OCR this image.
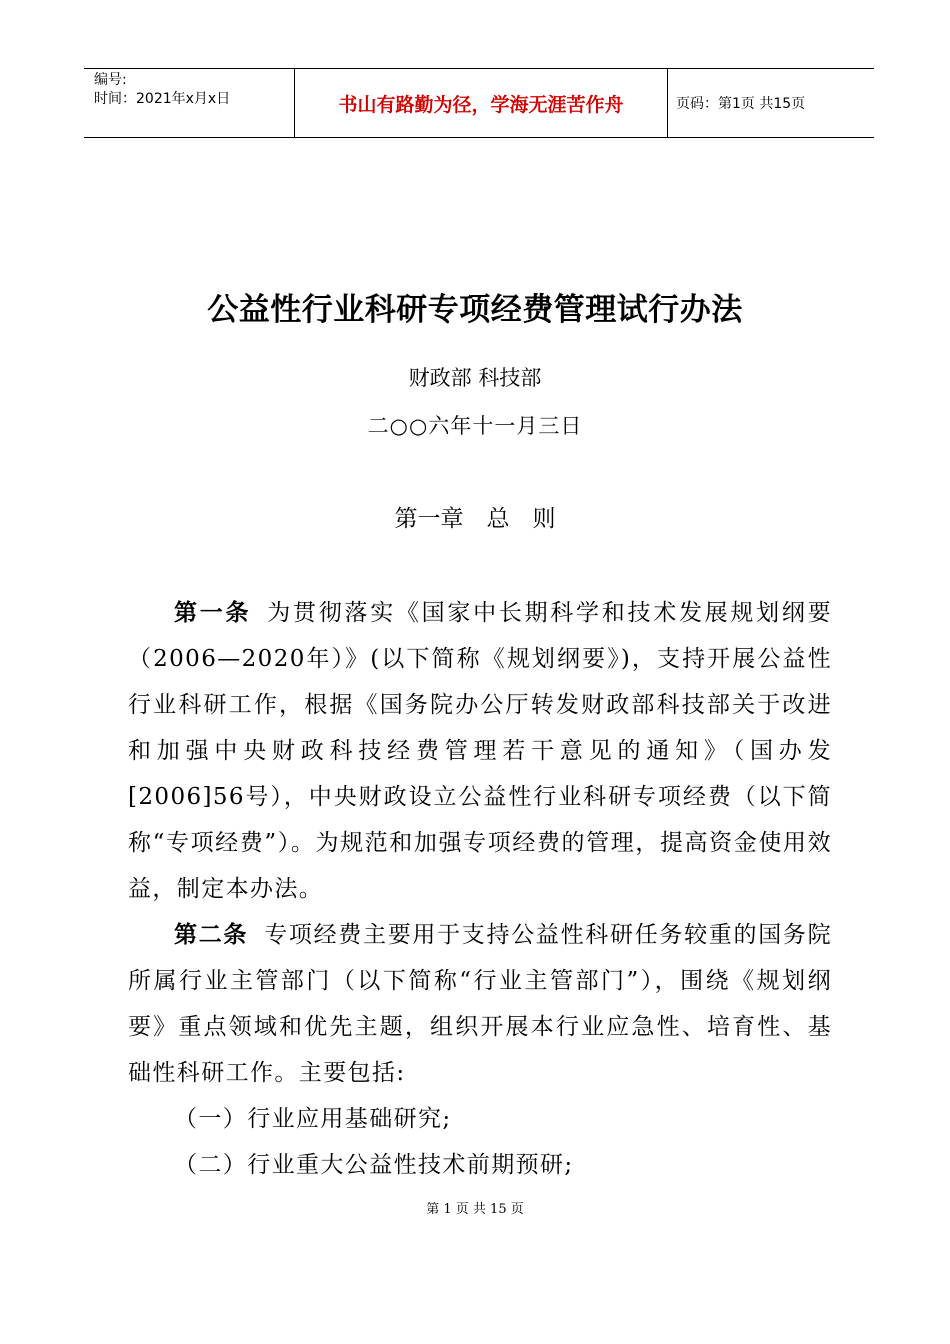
编号:
时间：2021年x月x日	书山有路勤为径，学海无涯苦作舟	页码：第1页 共15页
公益性行业科研专项经费管理试行办法
财政部 科技部
二○○六年十一月三日
第一章　总　则

第一条 为贯彻落实《国家中长期科学和技术发展规划纲要（2006—2020年）》(以下简称《规划纲要》)，支持开展公益性行业科研工作，根据《国务院办公厅转发财政部科技部关于改进和加强中央财政科技经费管理若干意见的通知》（国办发[2006]56号），中央财政设立公益性行业科研专项经费（以下简称“专项经费”）。为规范和加强专项经费的管理，提高资金使用效益，制定本办法。

第二条 专项经费主要用于支持公益性科研任务较重的国务院所属行业主管部门（以下简称“行业主管部门”），围绕《规划纲要》重点领域和优先主题，组织开展本行业应急性、培育性、基础性科研工作。主要包括:

（一）行业应用基础研究;

（二）行业重大公益性技术前期预研;

第 1 页 共 15 页
